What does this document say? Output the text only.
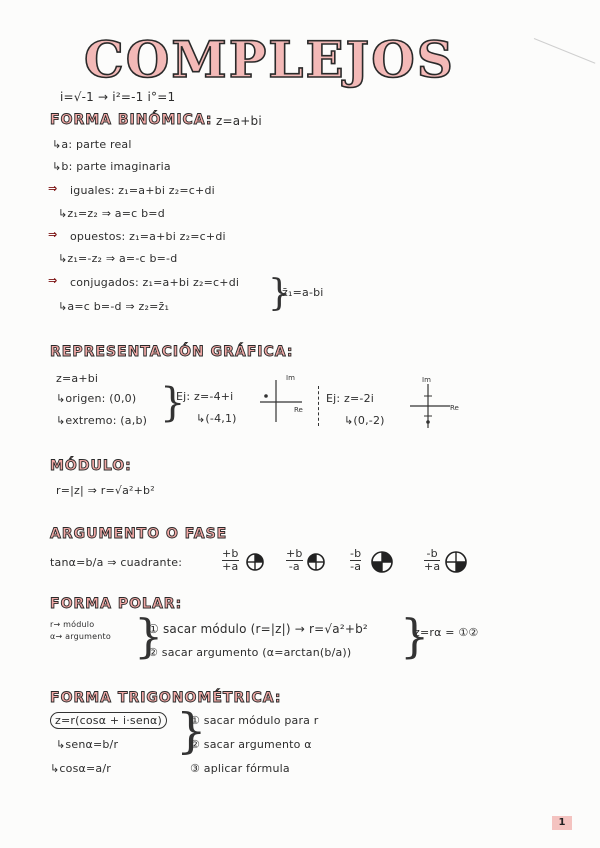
COMPLEJOS
i=√-1 → i²=-1 i°=1
FORMA BINÓMICA: z=a+bi
↳a: parte real
↳b: parte imaginaria
⇒ iguales: z₁=a+bi z₂=c+di
↳z₁=z₂ ⇒ a=c b=d
⇒ opuestos: z₁=a+bi z₂=c+di
↳z₁=-z₂ ⇒ a=-c b=-d
⇒ conjugados: z₁=a+bi z₂=c+di
↳a=c b=-d ⇒ z₂=z̄₁	}
z̄₁=a-bi
REPRESENTACIÓN GRÁFICA:
z=a+bi
↳origen: (0,0)
↳extremo: (a,b) }
Ej: z=-4+i
↳(-4,1)
Im
Re
Ej: z=-2i
↳(0,-2)
Im
Re
MÓDULO:
r=|z| ⇒ r=√a²+b²
ARGUMENTO O FASE
tanα=b/a ⇒ cuadrante:
+b
+a
+b
-a
-b
-a
-b
+a
FORMA POLAR:
r→ módulo
α→ argumento }
① sacar módulo (r=|z|) → r=√a²+b²
② sacar argumento (α=arctan(b/a)) }
z=rα = ①②
FORMA TRIGONOMÉTRICA:
z=r(cosα + i·senα)
↳senα=b/r
↳cosα=a/r
}
① sacar módulo para r
② sacar argumento α
③ aplicar fórmula
1
